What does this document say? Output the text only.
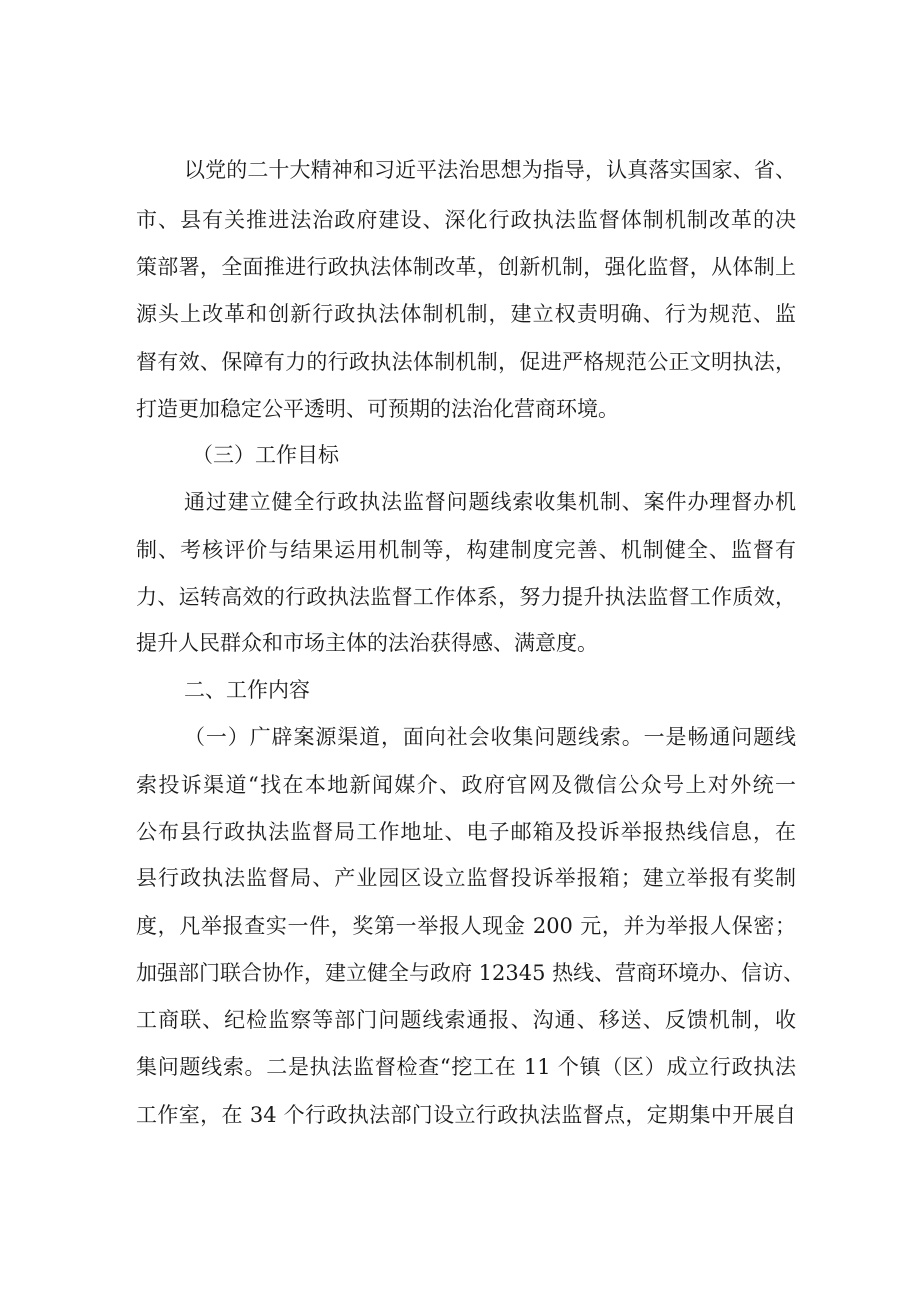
以党的二十大精神和习近平法治思想为指导，认真落实国家、省、
市、县有关推进法治政府建设、深化行政执法监督体制机制改革的决
策部署，全面推进行政执法体制改革，创新机制，强化监督，从体制上
源头上改革和创新行政执法体制机制，建立权责明确、行为规范、监
督有效、保障有力的行政执法体制机制，促进严格规范公正文明执法，
打造更加稳定公平透明、可预期的法治化营商环境。
（三）工作目标
通过建立健全行政执法监督问题线索收集机制、案件办理督办机
制、考核评价与结果运用机制等，构建制度完善、机制健全、监督有
力、运转高效的行政执法监督工作体系，努力提升执法监督工作质效，
提升人民群众和市场主体的法治获得感、满意度。
二、工作内容
（一）广辟案源渠道，面向社会收集问题线索。一是畅通问题线
索投诉渠道“找在本地新闻媒介、政府官网及微信公众号上对外统一
公布县行政执法监督局工作地址、电子邮箱及投诉举报热线信息，在
县行政执法监督局、产业园区设立监督投诉举报箱；建立举报有奖制
度，凡举报查实一件，奖第一举报人现金 200 元，并为举报人保密；
加强部门联合协作，建立健全与政府 12345 热线、营商环境办、信访、
工商联、纪检监察等部门问题线索通报、沟通、移送、反馈机制，收
集问题线索。二是执法监督检查“挖工在 11 个镇（区）成立行政执法
工作室，在 34 个行政执法部门设立行政执法监督点，定期集中开展自
